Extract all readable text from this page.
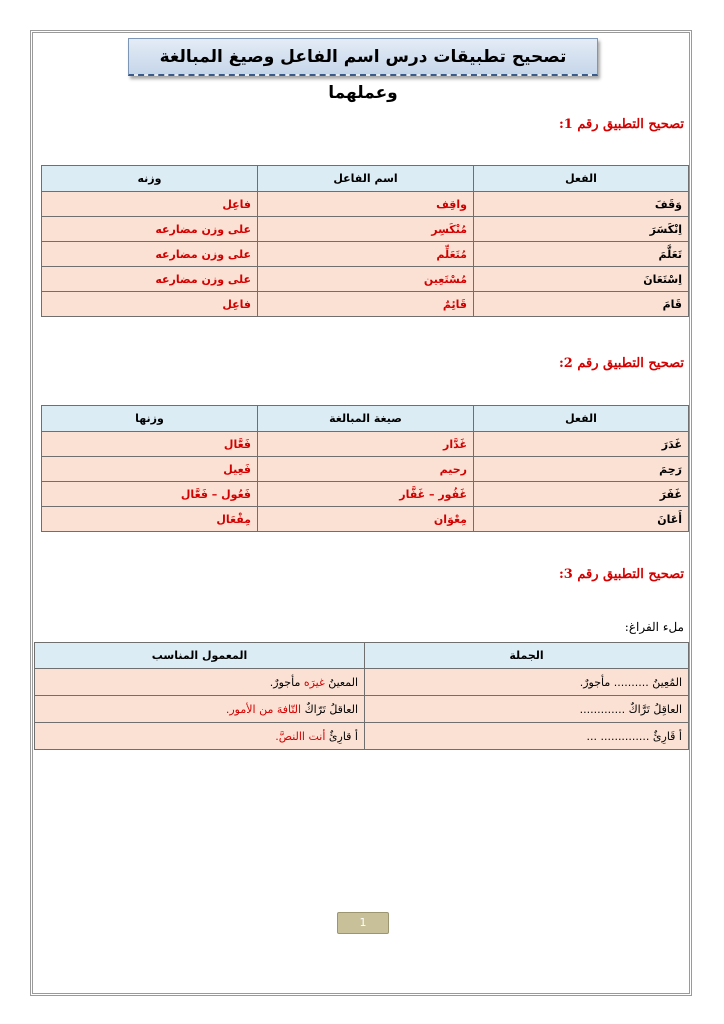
تصحيح تطبيقات درس اسم الفاعل وصيغ المبالغة وعملهما
تصحيح التطبيق رقم 1:
الفعل	اسم الفاعل	وزنه
وَقَفَ	واقِف	فاعِل
اِنْكَسَرَ	مُنْكَسِر	على وزن مضارعه
تَعَلَّمَ	مُتَعَلِّم	على وزن مضارعه
اِسْتَعَانَ	مُسْتَعِين	على وزن مضارعه
قَامَ	قَائِمٌ	فاعِل
تصحيح التطبيق رقم 2:
الفعل	صيغة المبالغة	وزنها
غَدَرَ	غَدَّار	فَعَّال
رَحِمَ	رحيم	فَعِيل
غَفَرَ	غَفُور – غَفَّار	فَعُول – فَعَّال
أَعَانَ	مِعْوَان	مِفْعَال
تصحيح التطبيق رقم 3:
ملء الفراغ:
الجملة	المعمول المناسب
المُعِينُ .......... مأجورٌ.	المعينُ غيرَه مأجورٌ.
العاقِلُ تَرَّاكٌ .............	العاقلُ تَرّاكٌ التّافهَ من الأمور.
أ قَارِئٌ .............. ...	أ قارِئٌ أنت االنصَّ.
1
